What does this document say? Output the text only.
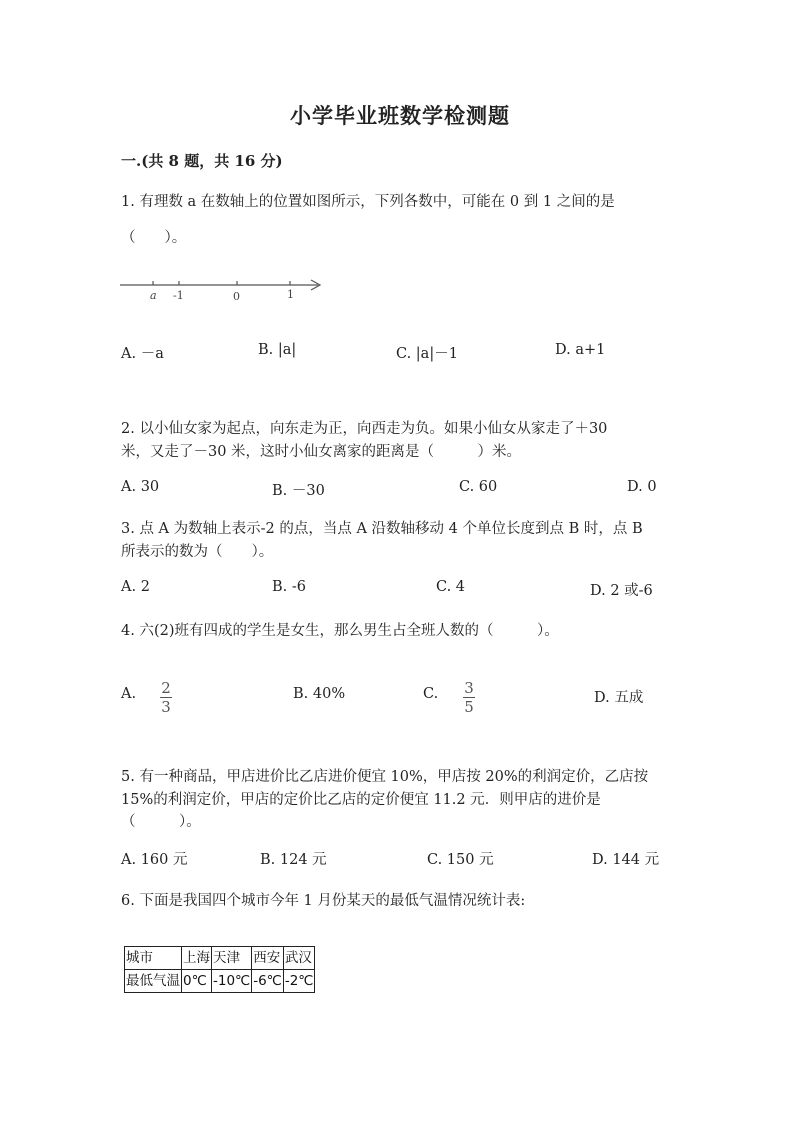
小学毕业班数学检测题
一.(共 8 题，共 16 分)
1. 有理数 a 在数轴上的位置如图所示，下列各数中，可能在 0 到 1 之间的是
（　　）。
a -1	0	1
A. －a	B. |a|	C. |a|－1	D. a+1
2. 以小仙女家为起点，向东走为正，向西走为负。如果小仙女从家走了＋30
米，又走了－30 米，这时小仙女离家的距离是（　　　）米。
A. 30	B. －30	C. 60	D. 0
3. 点 A 为数轴上表示-2 的点，当点 A 沿数轴移动 4 个单位长度到点 B 时，点 B
所表示的数为（　　）。
A. 2	B. -6	C. 4	D. 2 或-6
4. 六(2)班有四成的学生是女生，那么男生占全班人数的（　　　）。
A. 2
3
B. 40%	C. 3
5	D. 五成
5. 有一种商品，甲店进价比乙店进价便宜 10%，甲店按 20%的利润定价，乙店按
15%的利润定价，甲店的定价比乙店的定价便宜 11.2 元．则甲店的进价是
（　　　）。
A. 160 元	B. 124 元	C. 150 元	D. 144 元
6. 下面是我国四个城市今年 1 月份某天的最低气温情况统计表:
城市	上海	天津	西安	武汉
最低气温	0℃	-10℃	-6℃	-2℃
